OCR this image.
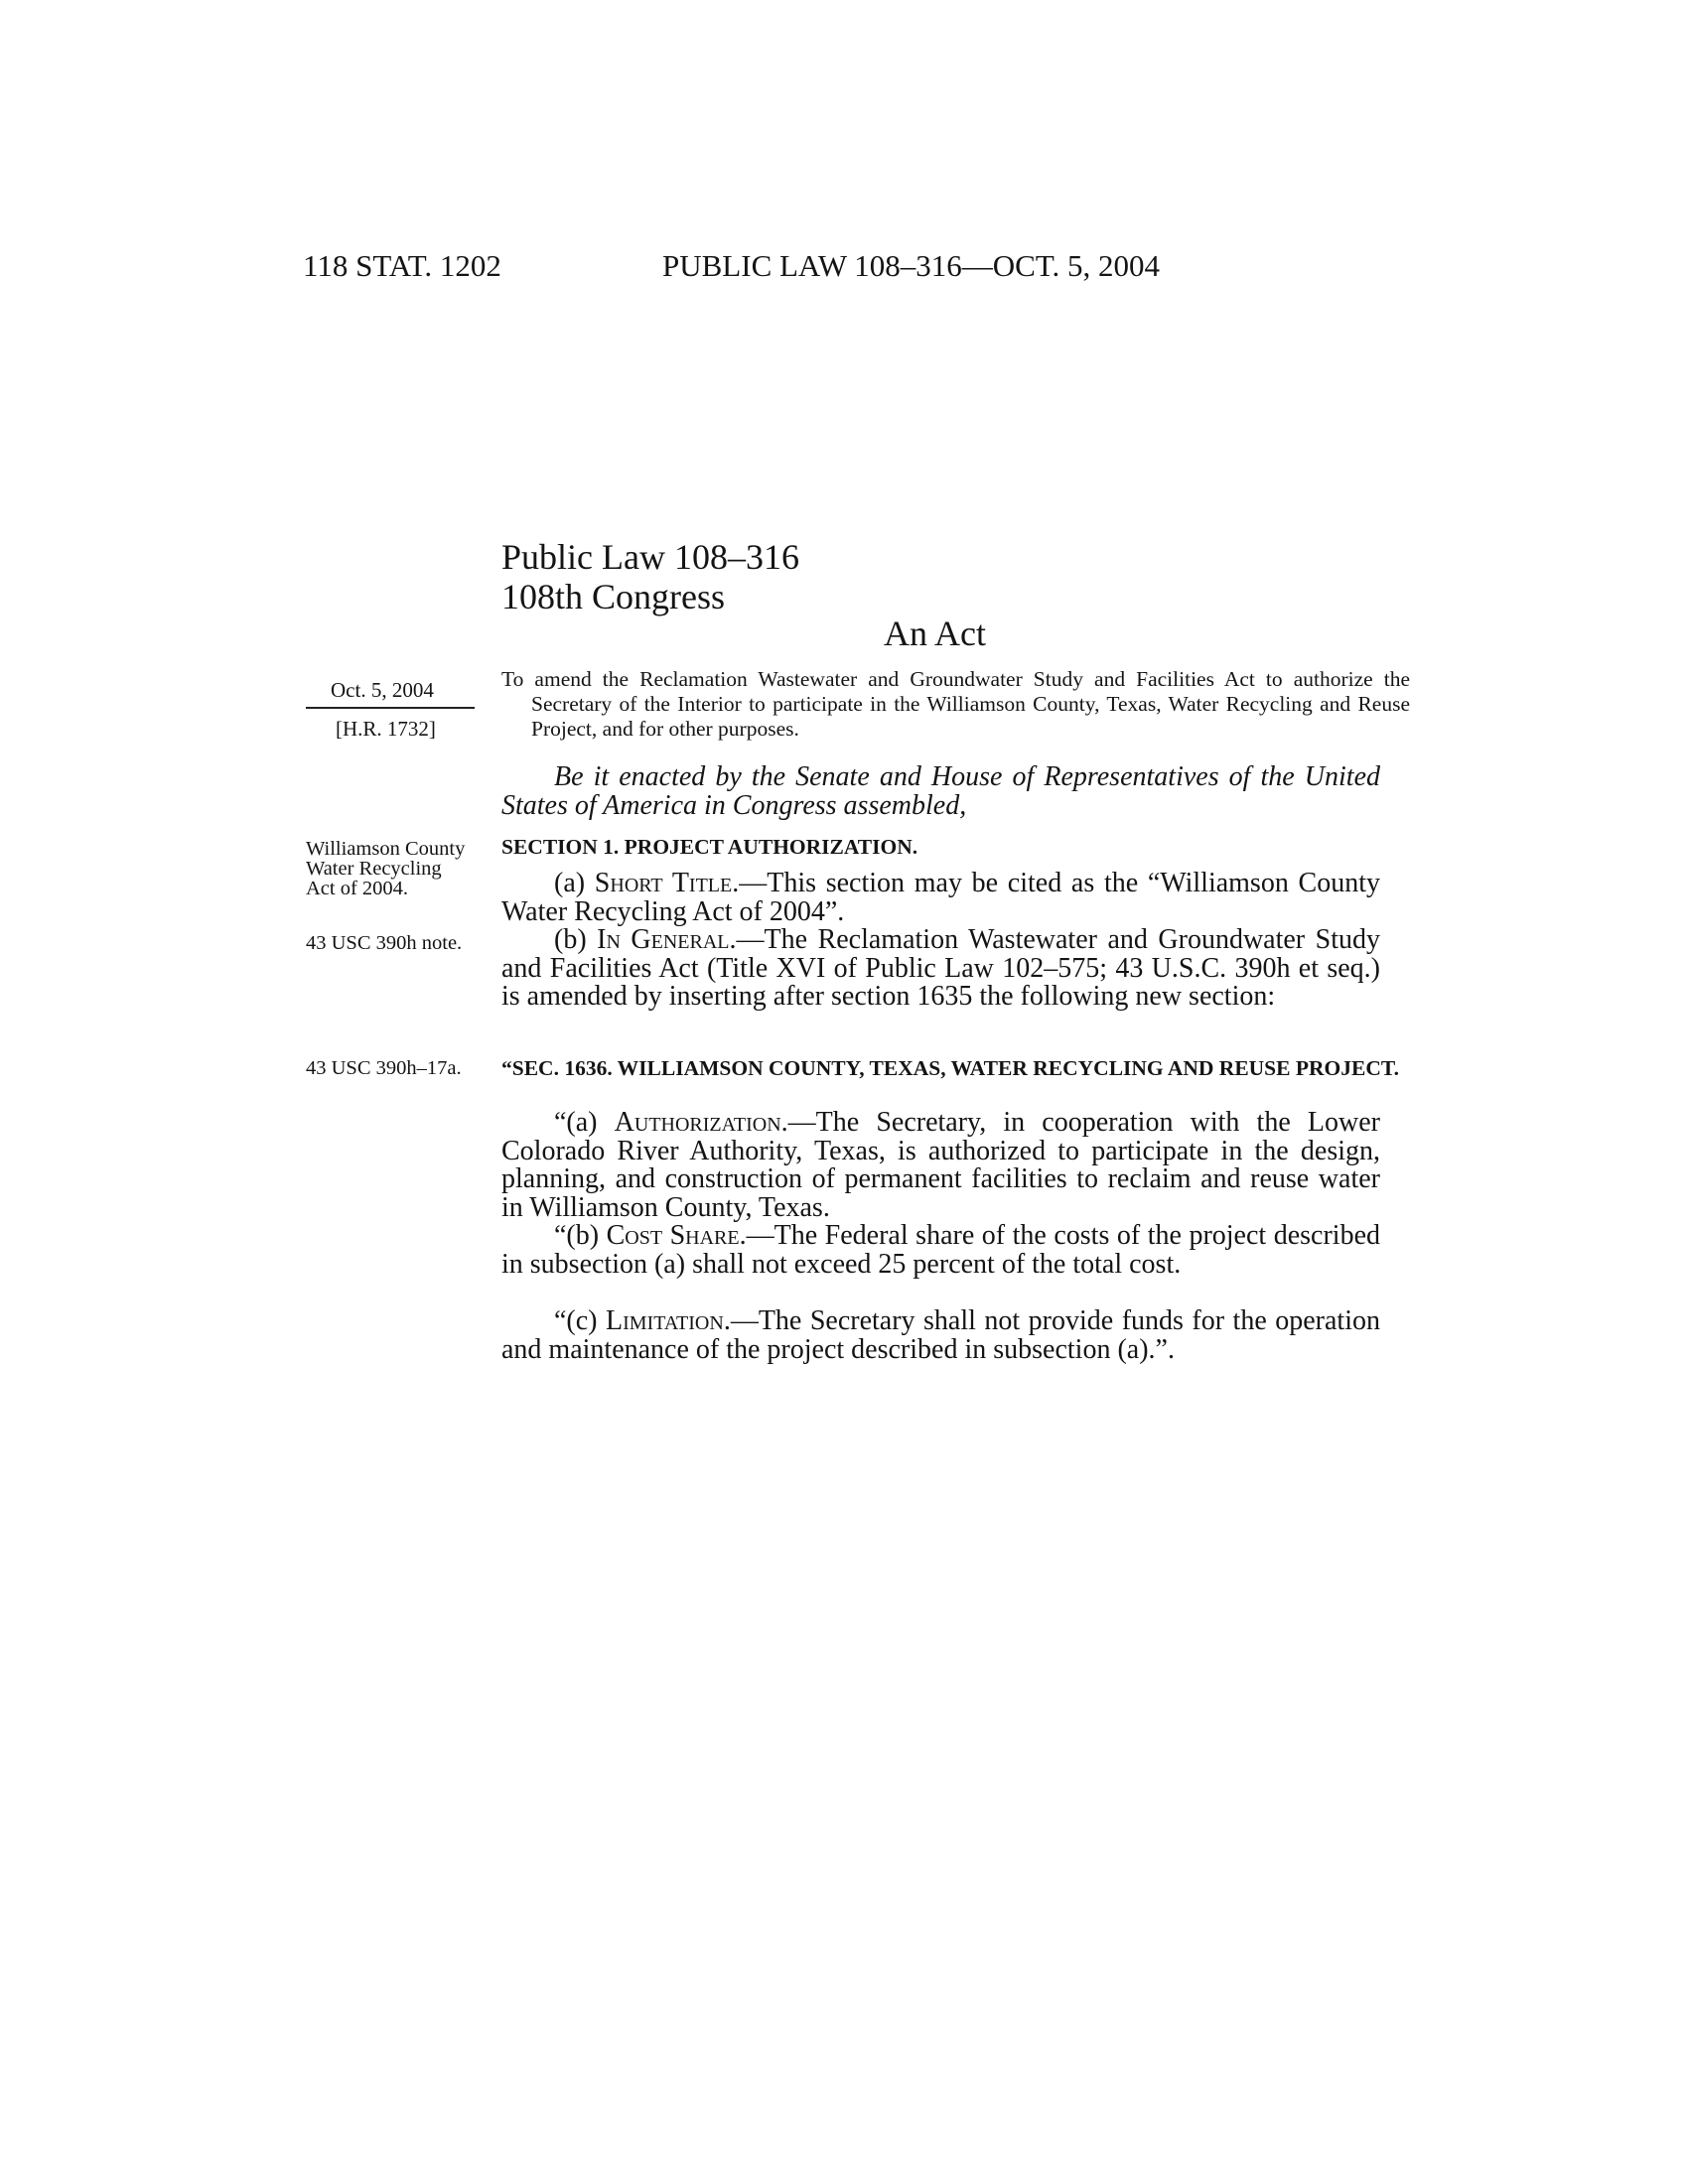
118 STAT. 1202	PUBLIC LAW 108–316—OCT. 5, 2004
Public Law 108–316
108th Congress
An Act
Oct. 5, 2004
[H.R. 1732]
To amend the Reclamation Wastewater and Groundwater Study and Facilities Act to authorize the Secretary of the Interior to participate in the Williamson County, Texas, Water Recycling and Reuse Project, and for other purposes.
Be it enacted by the Senate and House of Representatives of the United States of America in Congress assembled,
Williamson County Water Recycling Act of 2004.
43 USC 390h note.
43 USC 390h–17a.
SECTION 1. PROJECT AUTHORIZATION.
(a) Short Title.—This section may be cited as the “Williamson County Water Recycling Act of 2004”.
(b) In General.—The Reclamation Wastewater and Groundwater Study and Facilities Act (Title XVI of Public Law 102–575; 43 U.S.C. 390h et seq.) is amended by inserting after section 1635 the following new section:
“SEC. 1636. WILLIAMSON COUNTY, TEXAS, WATER RECYCLING AND REUSE PROJECT.
“(a) Authorization.—The Secretary, in cooperation with the Lower Colorado River Authority, Texas, is authorized to participate in the design, planning, and construction of permanent facilities to reclaim and reuse water in Williamson County, Texas.
“(b) Cost Share.—The Federal share of the costs of the project described in subsection (a) shall not exceed 25 percent of the total cost.
“(c) Limitation.—The Secretary shall not provide funds for the operation and maintenance of the project described in subsection (a).”.
